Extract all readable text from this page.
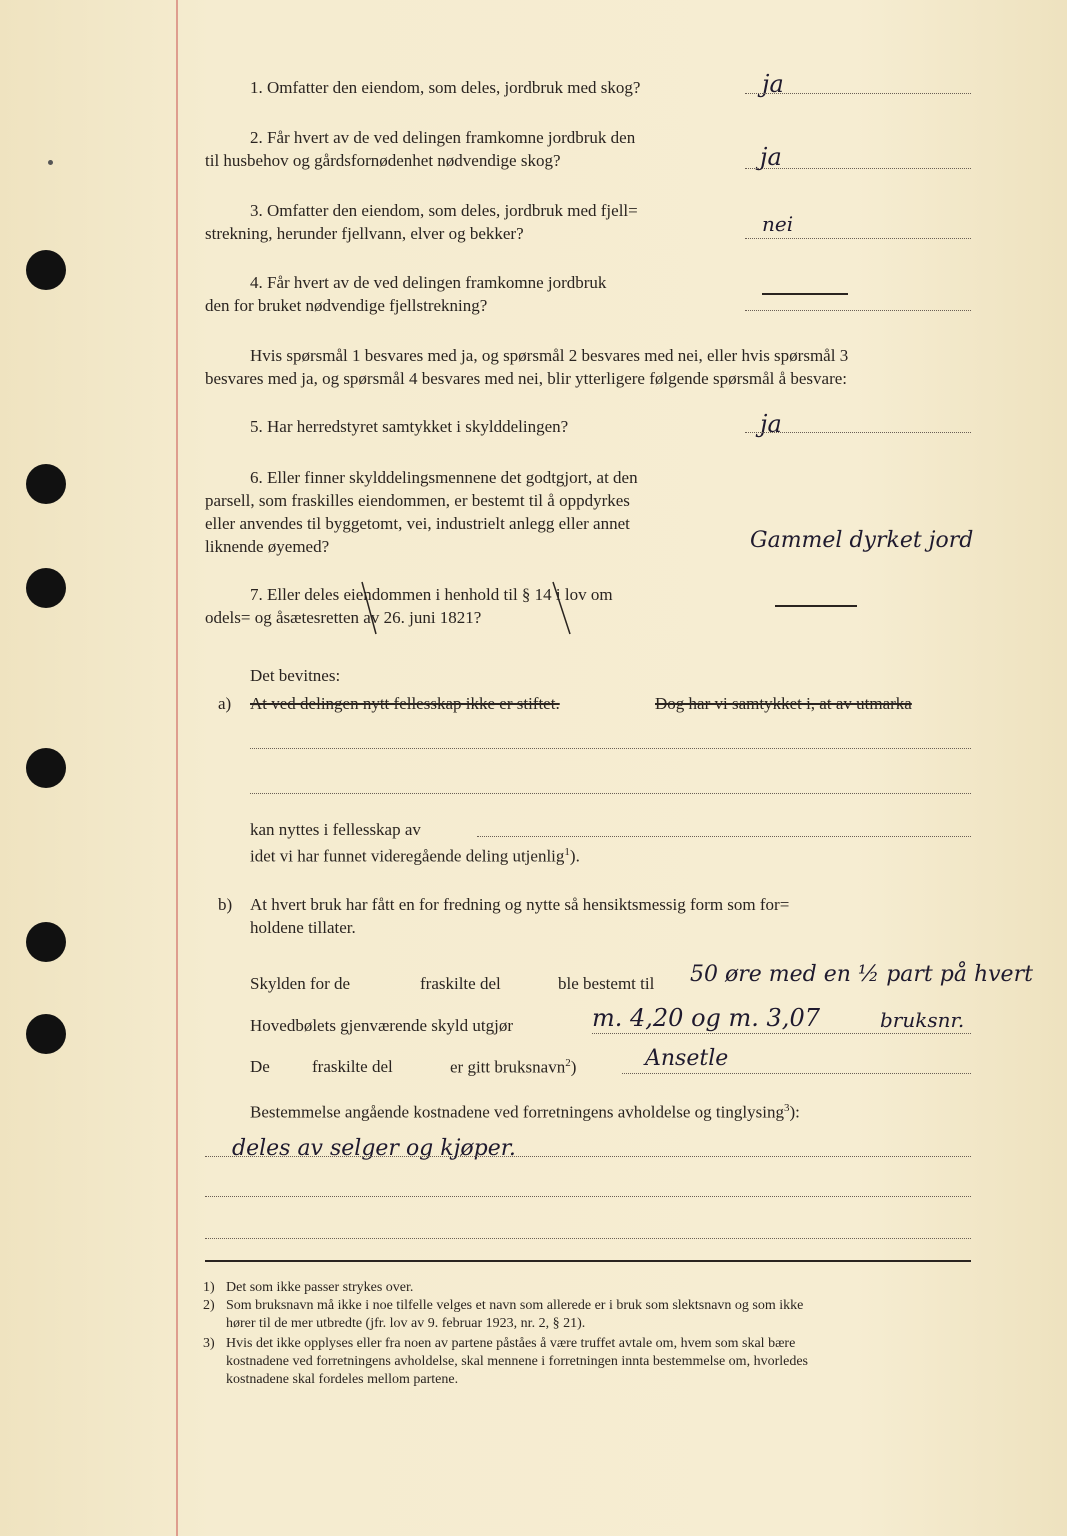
1. Omfatter den eiendom, som deles, jordbruk med skog?	ja
2. Får hvert av de ved delingen framkomne jordbruk den
til husbehov og gårdsfornødenhet nødvendige skog?	ja
3. Omfatter den eiendom, som deles, jordbruk med fjell=
strekning, herunder fjellvann, elver og bekker?	nei
4. Får hvert av de ved delingen framkomne jordbruk
den for bruket nødvendige fjellstrekning?
Hvis spørsmål 1 besvares med ja, og spørsmål 2 besvares med nei, eller hvis spørsmål 3
besvares med ja, og spørsmål 4 besvares med nei, blir ytterligere følgende spørsmål å besvare:
5. Har herredstyret samtykket i skylddelingen?	ja
6. Eller finner skylddelingsmennene det godtgjort, at den
parsell, som fraskilles eiendommen, er bestemt til å oppdyrkes
eller anvendes til byggetomt, vei, industrielt anlegg eller annet
liknende øyemed?	Gammel dyrket jord
7. Eller deles eiendommen i henhold til § 14 i lov om
odels= og åsætesretten av 26. juni 1821?
Det bevitnes:
a) At ved delingen nytt fellesskap ikke er stiftet.	Dog har vi samtykket i, at av utmarka
kan nyttes i fellesskap av
idet vi har funnet videregående deling utjenlig$^1$).
b) At hvert bruk har fått en for fredning og nytte så hensiktsmessig form som for=
holdene tillater.
Skylden for de	fraskilte del	ble bestemt til 50 øre med en ½ part på hvert
Hovedbølets gjenværende skyld utgjør	m. 4,20 og m. 3,07	bruksnr.
De fraskilte del	er gitt bruksnavn$^2$)	Ansetle
Bestemmelse angående kostnadene ved forretningens avholdelse og tinglysing$^3$):
deles av selger og kjøper.
1) Det som ikke passer strykes over.
2) Som bruksnavn må ikke i noe tilfelle velges et navn som allerede er i bruk som slektsnavn og som ikke
hører til de mer utbredte (jfr. lov av 9. februar 1923, nr. 2, § 21).
3) Hvis det ikke opplyses eller fra noen av partene påståes å være truffet avtale om, hvem som skal bære
kostnadene ved forretningens avholdelse, skal mennene i forretningen innta bestemmelse om, hvorledes
kostnadene skal fordeles mellom partene.
